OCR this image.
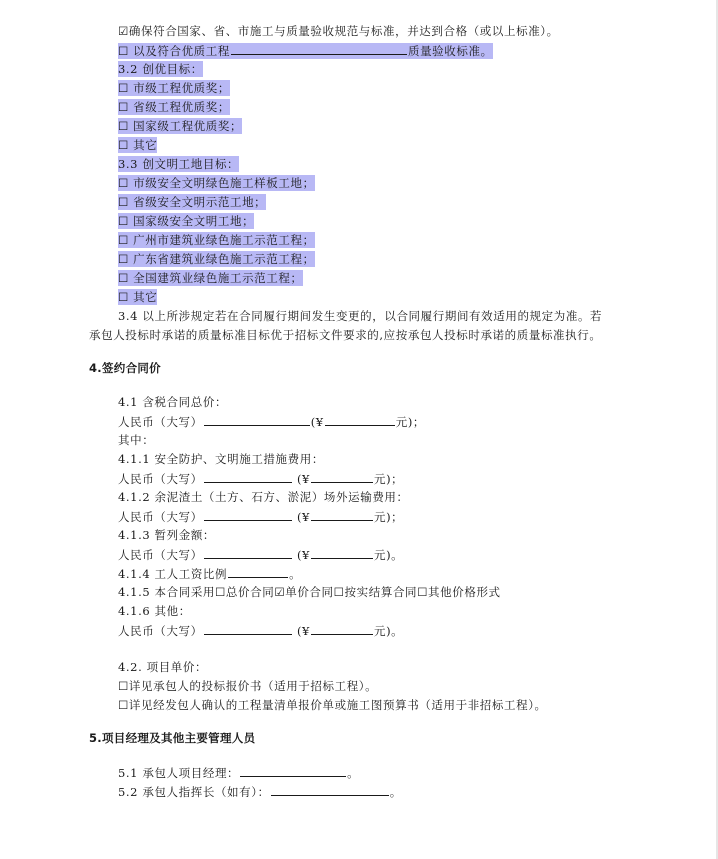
☑确保符合国家、省、市施工与质量验收规范与标准，并达到合格（或以上标准）。
☐ 以及符合优质工程	质量验收标准。
3.2 创优目标：
☐ 市级工程优质奖；
☐ 省级工程优质奖；
☐ 国家级工程优质奖；
☐ 其它
3.3 创文明工地目标：
☐ 市级安全文明绿色施工样板工地；
☐ 省级安全文明示范工地；
☐ 国家级安全文明工地；
☐ 广州市建筑业绿色施工示范工程；
☐ 广东省建筑业绿色施工示范工程；
☐ 全国建筑业绿色施工示范工程；
☐ 其它
3.4 以上所涉规定若在合同履行期间发生变更的，以合同履行期间有效适用的规定为准。若
承包人投标时承诺的质量标准目标优于招标文件要求的,应按承包人投标时承诺的质量标准执行。
4.签约合同价
4.1 含税合同总价：
人民币（大写）	(¥	元)；
其中：
4.1.1 安全防护、文明施工措施费用：
人民币（大写）	(¥	元)；
4.1.2 余泥渣土（土方、石方、淤泥）场外运输费用：
人民币（大写）	(¥	元)；
4.1.3 暂列金额：
人民币（大写）	(¥	元)。
4.1.4 工人工资比例	。
4.1.5 本合同采用☐总价合同☑单价合同☐按实结算合同☐其他价格形式
4.1.6 其他：
人民币（大写）	(¥	元)。
4.2. 项目单价：
☐详见承包人的投标报价书（适用于招标工程）。
☐详见经发包人确认的工程量清单报价单或施工图预算书（适用于非招标工程）。
5.项目经理及其他主要管理人员
5.1 承包人项目经理：	。
5.2 承包人指挥长（如有）：	。
